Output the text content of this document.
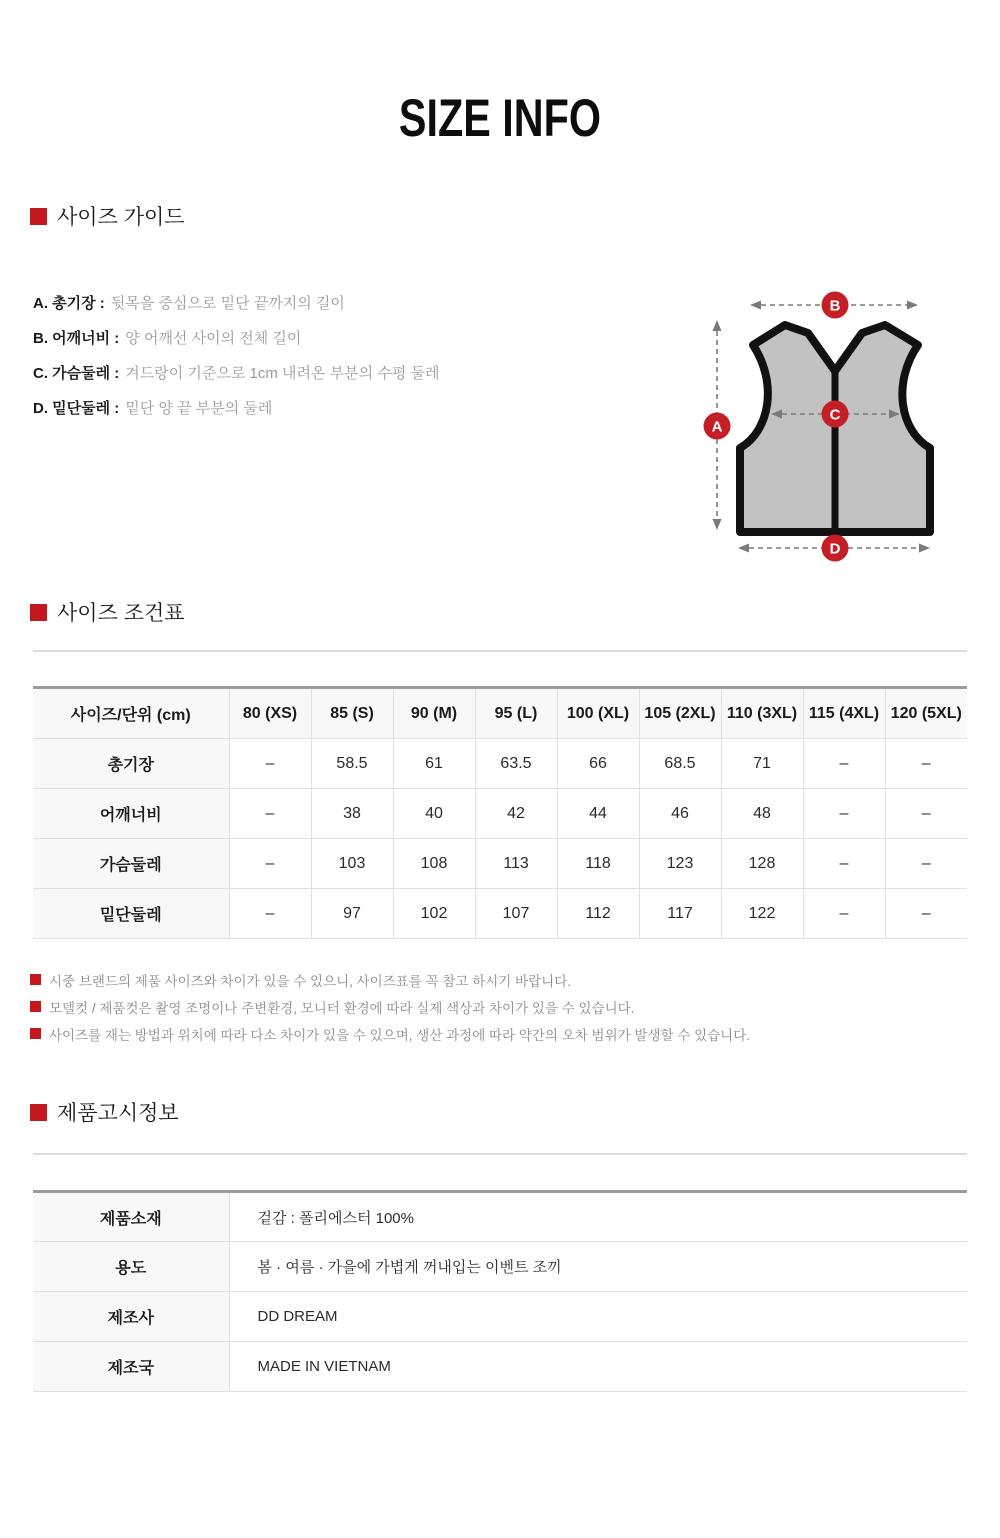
SIZE INFO
사이즈 가이드
A. 총기장 : 뒷목을 중심으로 밑단 끝까지의 길이
B. 어깨너비 : 양 어깨선 사이의 전체 길이
C. 가슴둘레 : 겨드랑이 기준으로 1cm 내려온 부분의 수평 둘레
D. 밑단둘레 : 밑단 양 끝 부분의 둘레
B
A
C
D
사이즈 조건표
사이즈/단위 (cm)	80 (XS)	85 (S)	90 (M)	95 (L)	100 (XL)	105 (2XL)	110 (3XL)	115 (4XL)	120 (5XL)
총기장	–	58.5	61	63.5	66	68.5	71	–	–
어깨너비	–	38	40	42	44	46	48	–	–
가슴둘레	–	103	108	113	118	123	128	–	–
밑단둘레	–	97	102	107	112	117	122	–	–
시중 브랜드의 제품 사이즈와 차이가 있을 수 있으니, 사이즈표를 꼭 참고 하시기 바랍니다.
모델컷 / 제품컷은 촬영 조명이나 주변환경, 모니터 환경에 따라 실제 색상과 차이가 있을 수 있습니다.
사이즈를 재는 방법과 위치에 따라 다소 차이가 있을 수 있으며, 생산 과정에 따라 약간의 오차 범위가 발생할 수 있습니다.
제품고시정보
제품소재	겉감 : 폴리에스터 100%
용도	봄 · 여름 · 가을에 가볍게 꺼내입는 이벤트 조끼
제조사	DD DREAM
제조국	MADE IN VIETNAM
